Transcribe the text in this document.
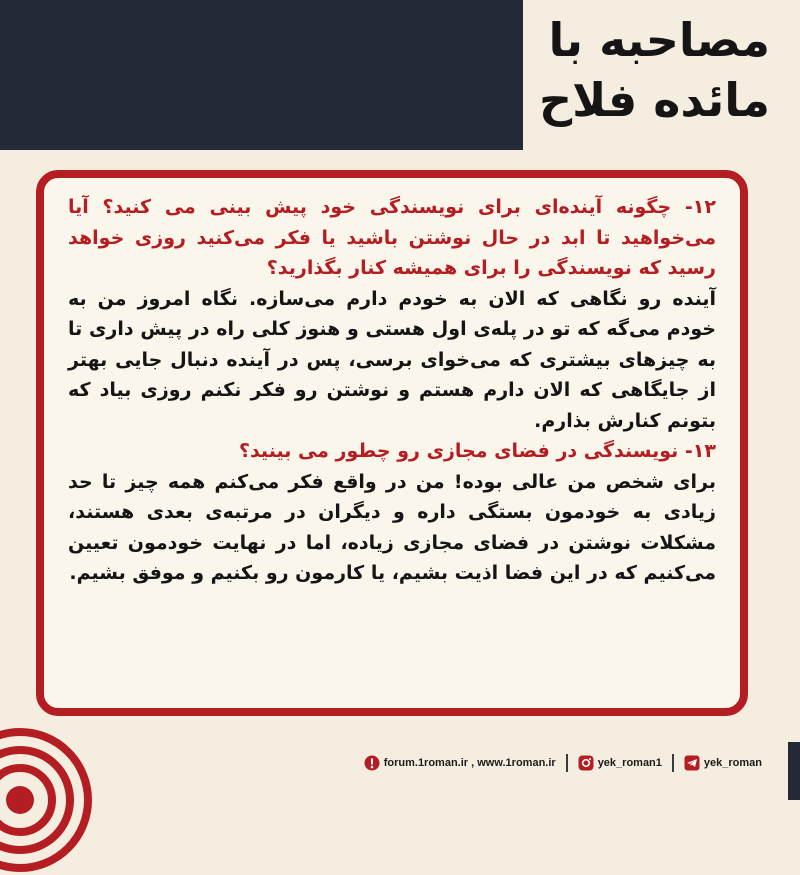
مصاحبه با
مائده فلاح

۱۲- چگونه آینده‌ای برای نویسندگی خود پیش بینی می کنید؟ آیا می‌خواهید تا ابد در حال نوشتن باشید یا فکر می‌کنید روزی خواهد رسید که نویسندگی را برای همیشه کنار بگذارید؟

آینده رو نگاهی که الان به خودم دارم می‌سازه. نگاه امروز من به خودم می‌گه که تو در پله‌ی اول هستی و هنوز کلی راه در پیش داری تا به چیزهای بیشتری که می‌خوای برسی، پس در آینده دنبال جایی بهتر از جایگاهی که الان دارم هستم و نوشتن رو فکر نکنم روزی بیاد که بتونم کنارش بذارم.

۱۳- نویسندگی در فضای مجازی رو چطور می بینید؟

برای شخص من عالی بوده! من در واقع فکر می‌کنم همه چیز تا حد زیادی به خودمون بستگی داره و دیگران در مرتبه‌ی بعدی هستند، مشکلات نوشتن در فضای مجازی زیاده، اما در نهایت خودمون تعیین می‌کنیم که در این فضا اذیت بشیم، یا کارمون رو بکنیم و موفق بشیم.

yek_roman
yek_roman1
forum.1roman.ir , www.1roman.ir
